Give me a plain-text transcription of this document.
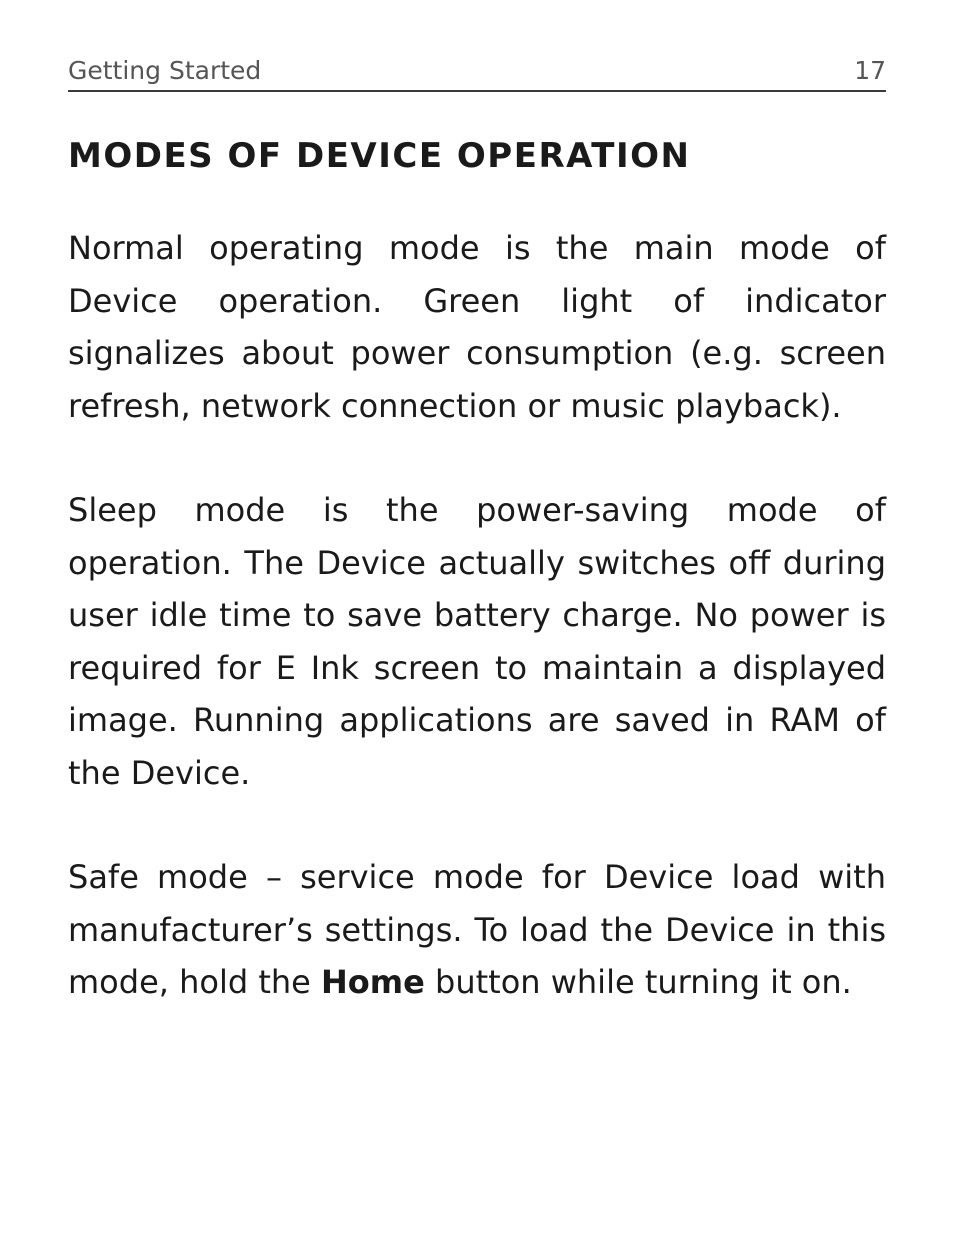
Getting Started	17
MODES OF DEVICE OPERATION

Normal operating mode is the main mode of Device operation. Green light of indicator signalizes about power consumption (e.g. screen refresh, network connection or music playback).

Sleep mode is the power-saving mode of operation. The Device actually switches off during user idle time to save battery charge. No power is required for E Ink screen to maintain a displayed image. Running applications are saved in RAM of the Device.

Safe mode – service mode for Device load with manufacturer’s settings. To load the Device in this mode, hold the Home button while turning it on.
